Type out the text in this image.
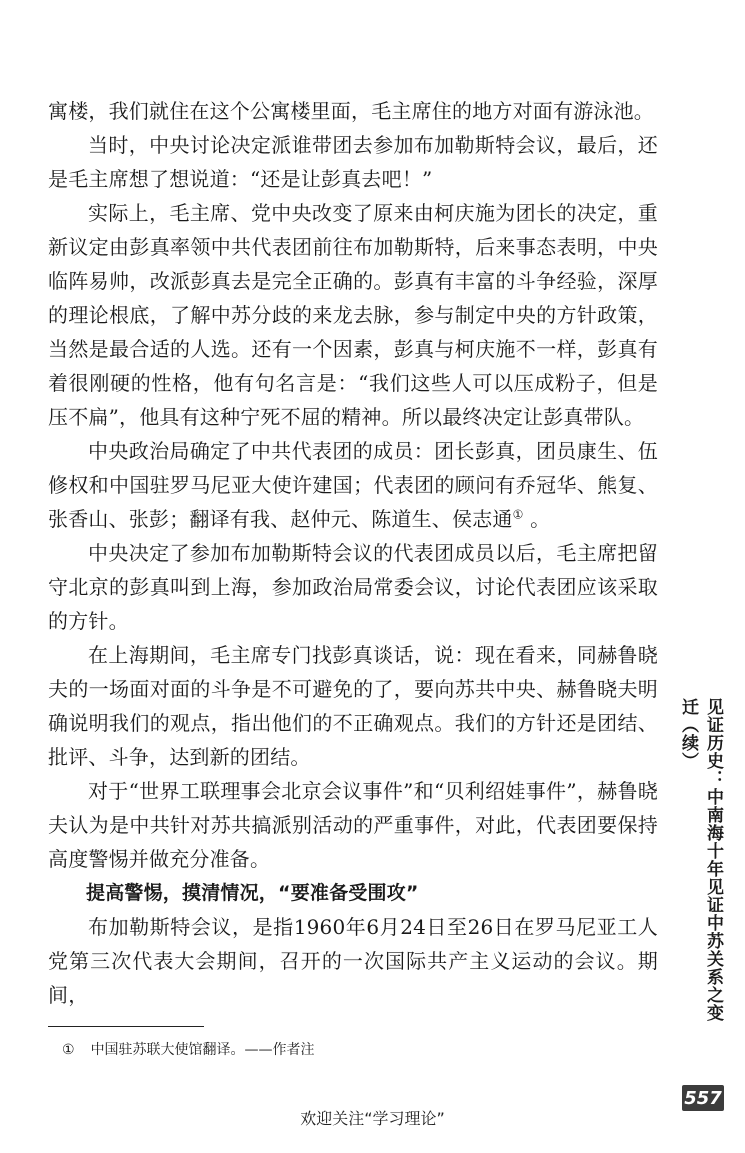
寓楼，我们就住在这个公寓楼里面，毛主席住的地方对面有游泳池。

当时，中央讨论决定派谁带团去参加布加勒斯特会议，最后，还是毛主席想了想说道：“还是让彭真去吧！”

实际上，毛主席、党中央改变了原来由柯庆施为团长的决定，重新议定由彭真率领中共代表团前往布加勒斯特，后来事态表明，中央临阵易帅，改派彭真去是完全正确的。彭真有丰富的斗争经验，深厚的理论根底，了解中苏分歧的来龙去脉，参与制定中央的方针政策，当然是最合适的人选。还有一个因素，彭真与柯庆施不一样，彭真有着很刚硬的性格，他有句名言是：“我们这些人可以压成粉子，但是压不扁”，他具有这种宁死不屈的精神。所以最终决定让彭真带队。

中央政治局确定了中共代表团的成员：团长彭真，团员康生、伍修权和中国驻罗马尼亚大使许建国；代表团的顾问有乔冠华、熊复、张香山、张彭；翻译有我、赵仲元、陈道生、侯志通① 。

中央决定了参加布加勒斯特会议的代表团成员以后，毛主席把留守北京的彭真叫到上海，参加政治局常委会议，讨论代表团应该采取的方针。

在上海期间，毛主席专门找彭真谈话，说：现在看来，同赫鲁晓夫的一场面对面的斗争是不可避免的了，要向苏共中央、赫鲁晓夫明确说明我们的观点，指出他们的不正确观点。我们的方针还是团结、批评、斗争，达到新的团结。

对于“世界工联理事会北京会议事件”和“贝利绍娃事件”，赫鲁晓夫认为是中共针对苏共搞派别活动的严重事件，对此，代表团要保持高度警惕并做充分准备。

提高警惕，摸清情况，“要准备受围攻”

布加勒斯特会议，是指1960年6月24日至26日在罗马尼亚工人党第三次代表大会期间，召开的一次国际共产主义运动的会议。期间，

① 中国驻苏联大使馆翻译。——作者注
见证历史：中南海十年见证中苏关系之变迁（续）
557
欢迎关注“学习理论”
